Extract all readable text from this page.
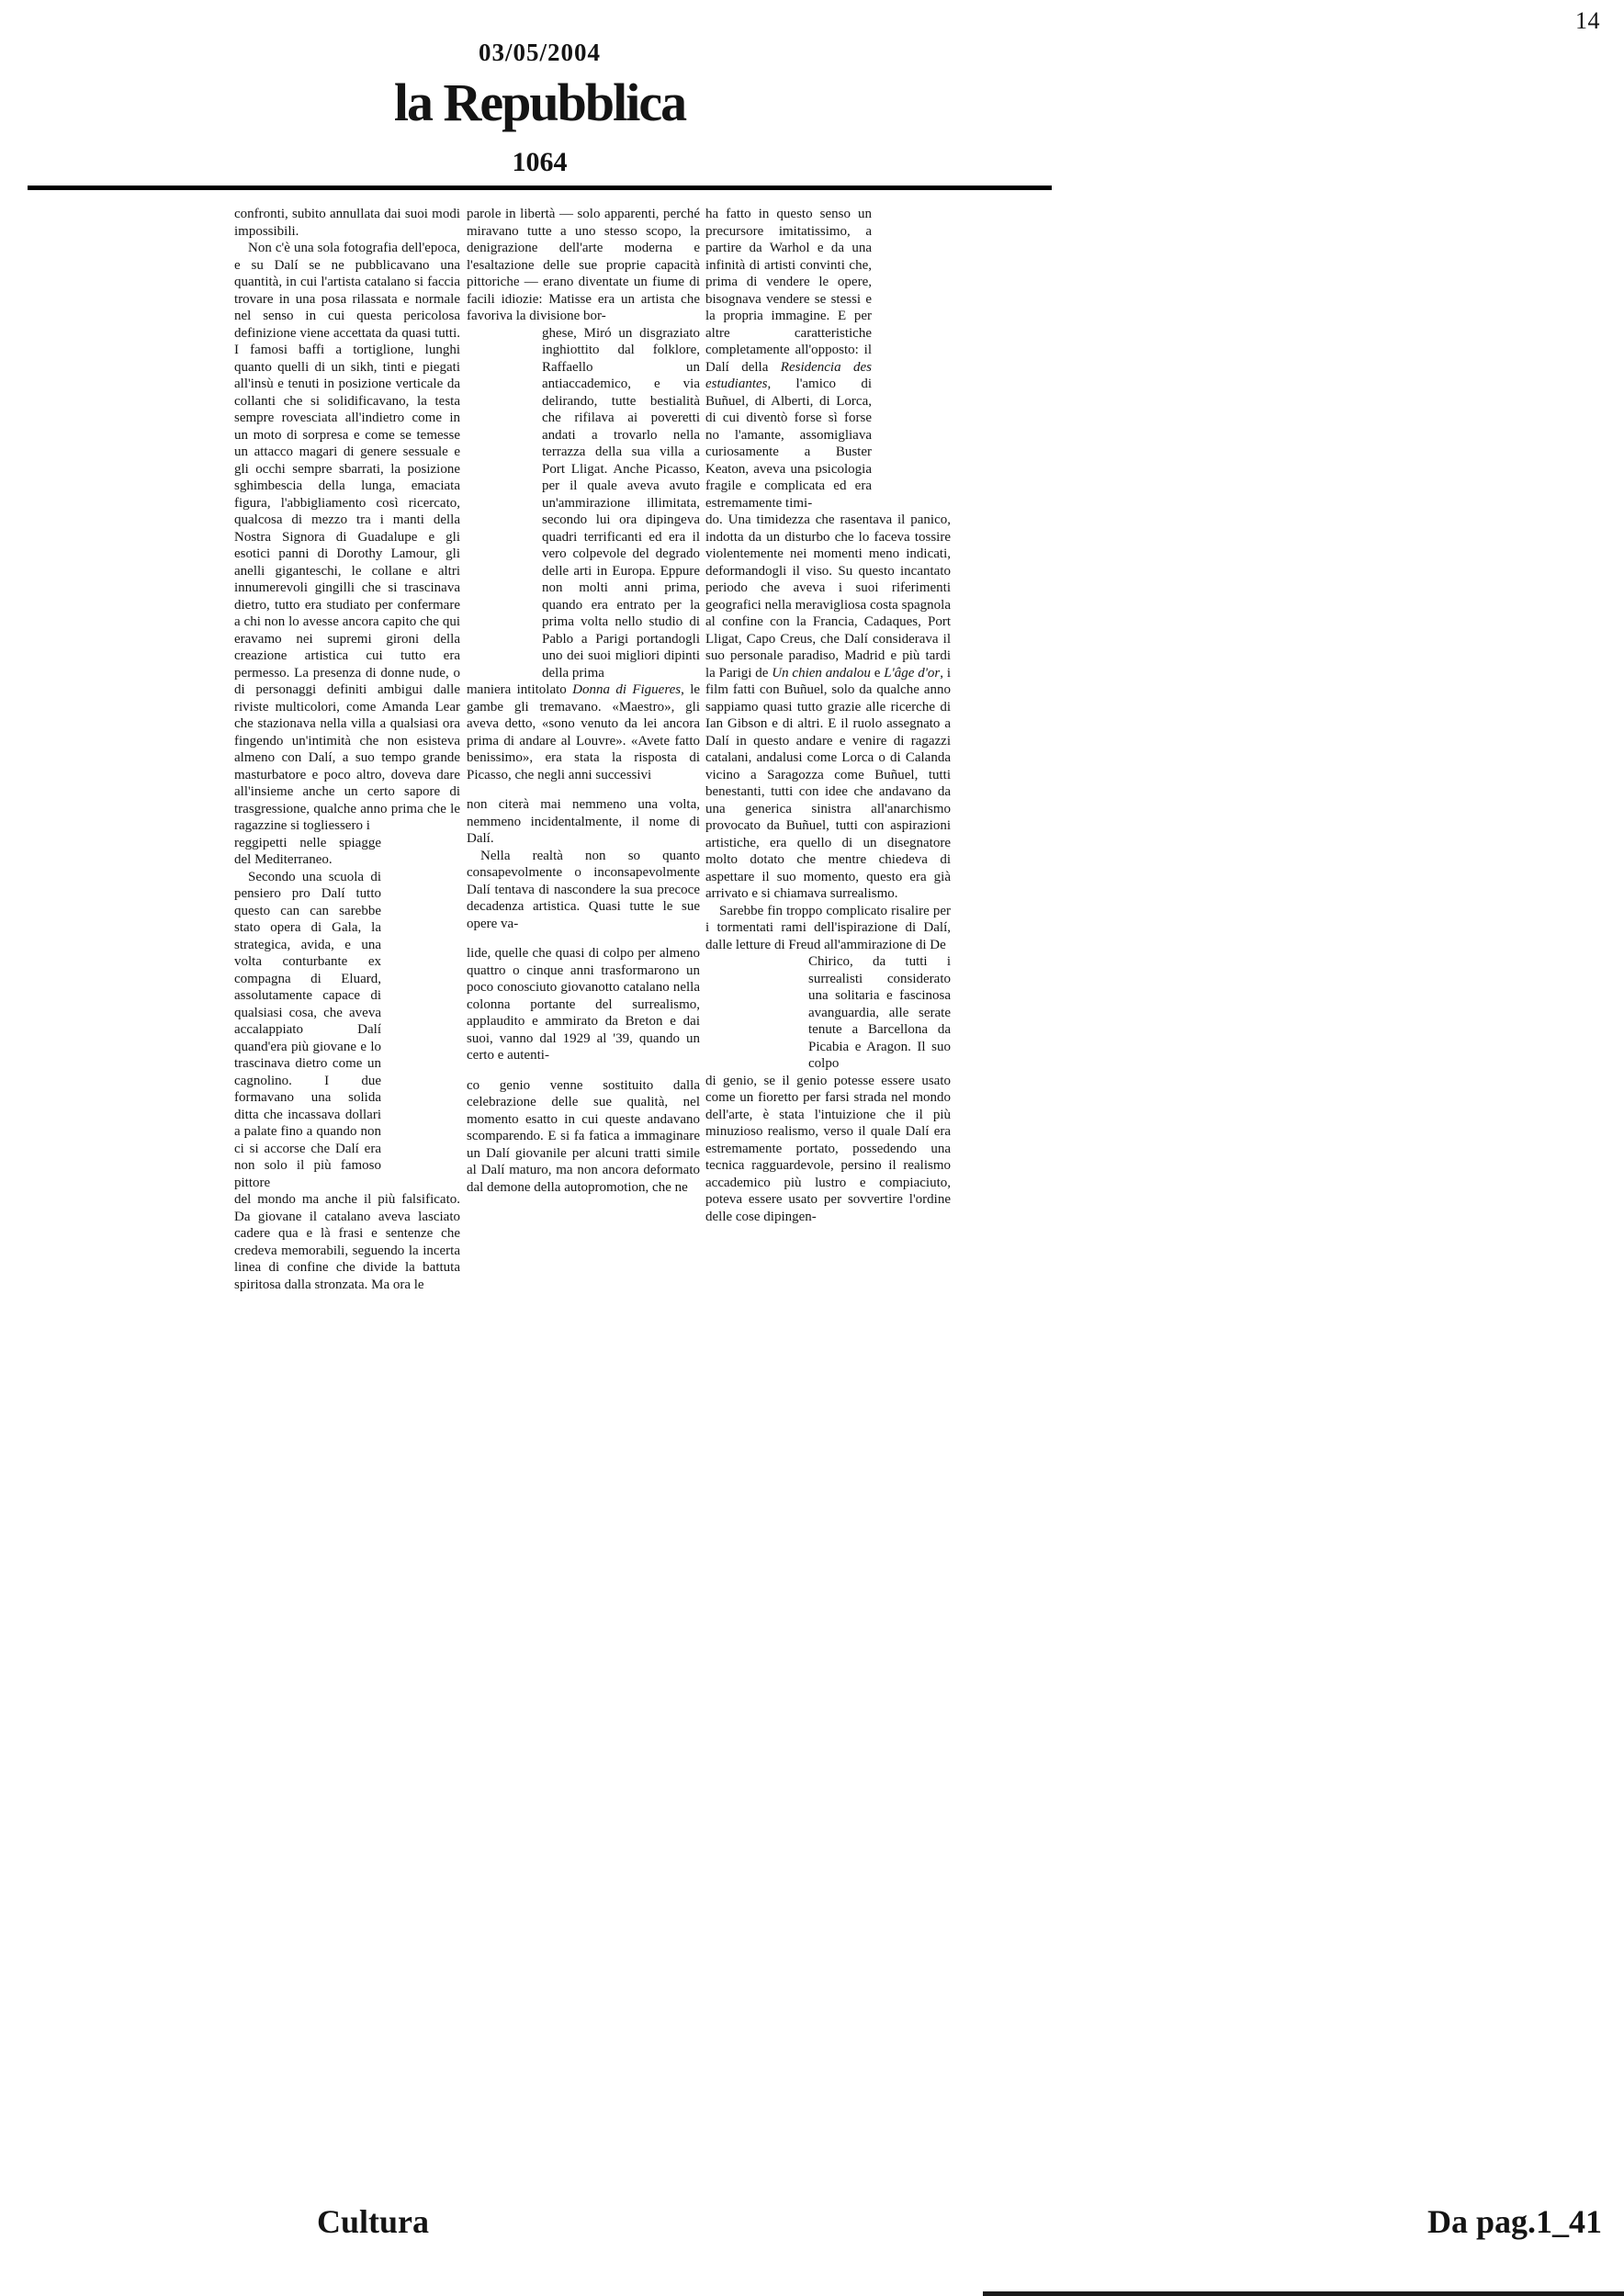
14
03/05/2004
la Repubblica
1064

confronti, subito annullata dai suoi modi impossibili.

Non c'è una sola fotografia dell'epoca, e su Dalí se ne pubblicavano una quantità, in cui l'artista catalano si faccia trovare in una posa rilassata e normale nel senso in cui questa pericolosa definizione viene accettata da quasi tutti. I famosi baffi a tortiglione, lunghi quanto quelli di un sikh, tinti e piegati all'insù e tenuti in posizione verticale da collanti che si solidificavano, la testa sempre rovesciata all'indietro come in un moto di sorpresa e come se temesse un attacco magari di genere sessuale e gli occhi sempre sbarrati, la posizione sghimbescia della lunga, emaciata figura, l'abbigliamento così ricercato, qualcosa di mezzo tra i manti della Nostra Signora di Guadalupe e gli esotici panni di Dorothy Lamour, gli anelli giganteschi, le collane e altri innumerevoli gingilli che si trascinava dietro, tutto era studiato per confermare a chi non lo avesse ancora capito che qui eravamo nei supremi gironi della creazione artistica cui tutto era permesso. La presenza di donne nude, o di personaggi definiti ambigui dalle riviste multicolori, come Amanda Lear che stazionava nella villa a qualsiasi ora fingendo un'intimità che non esisteva almeno con Dalí, a suo tempo grande masturbatore e poco altro, doveva dare all'insieme anche un certo sapore di trasgressione, qualche anno prima che le ragazzine si togliessero i

reggipetti nelle spiagge del Mediterraneo.

Secondo una scuola di pensiero pro Dalí tutto questo can can sarebbe stato opera di Gala, la strategica, avida, e una volta conturbante ex compagna di Eluard, assolutamente capace di qualsiasi cosa, che aveva accalappiato Dalí quand'era più giovane e lo trascinava dietro come un cagnolino. I due formavano una solida ditta che incassava dollari a palate fino a quando non ci si accorse che Dalí era non solo il più famoso pittore

del mondo ma anche il più falsificato. Da giovane il catalano aveva lasciato cadere qua e là frasi e sentenze che credeva memorabili, seguendo la incerta linea di confine che divide la battuta spiritosa dalla stronzata. Ma ora le

parole in libertà — solo apparenti, perché miravano tutte a uno stesso scopo, la denigrazione dell'arte moderna e l'esaltazione delle sue proprie capacità pittoriche — erano diventate un fiume di facili idiozie: Matisse era un artista che favoriva la divisione bor-

ghese, Miró un disgraziato inghiottito dal folklore, Raffaello un antiaccademico, e via delirando, tutte bestialità che rifilava ai poveretti andati a trovarlo nella terrazza della sua villa a Port Lligat. Anche Picasso, per il quale aveva avuto un'ammirazione illimitata, secondo lui ora dipingeva quadri terrificanti ed era il vero colpevole del degrado delle arti in Europa. Eppure non molti anni prima, quando era entrato per la prima volta nello studio di Pablo a Parigi portandogli uno dei suoi migliori dipinti della prima

maniera intitolato Donna di Figueres, le gambe gli tremavano. «Maestro», gli aveva detto, «sono venuto da lei ancora prima di andare al Louvre». «Avete fatto benissimo», era stata la risposta di Picasso, che negli anni successivi

non citerà mai nemmeno una volta, nemmeno incidentalmente, il nome di Dalí.

Nella realtà non so quanto consapevolmente o inconsapevolmente Dalí tentava di nascondere la sua precoce decadenza artistica. Quasi tutte le sue opere va-

lide, quelle che quasi di colpo per almeno quattro o cinque anni trasformarono un poco conosciuto giovanotto catalano nella colonna portante del surrealismo, applaudito e ammirato da Breton e dai suoi, vanno dal 1929 al '39, quando un certo e autenti-

co genio venne sostituito dalla celebrazione delle sue qualità, nel momento esatto in cui queste andavano scomparendo. E si fa fatica a immaginare un Dalí giovanile per alcuni tratti simile al Dalí maturo, ma non ancora deformato dal demone della autopromotion, che ne

ha fatto in questo senso un precursore imitatissimo, a partire da Warhol e da una infinità di artisti convinti che, prima di vendere le opere, bisognava vendere se stessi e la propria immagine. E per altre caratteristiche completamente all'opposto: il Dalí della Residencia des estudiantes, l'amico di Buñuel, di Alberti, di Lorca, di cui diventò forse sì forse no l'amante, assomigliava curiosamente a Buster Keaton, aveva una psicologia fragile e complicata ed era estremamente timi-

do. Una timidezza che rasentava il panico, indotta da un disturbo che lo faceva tossire violentemente nei momenti meno indicati, deformandogli il viso. Su questo incantato periodo che aveva i suoi riferimenti geografici nella meravigliosa costa spagnola al confine con la Francia, Cadaques, Port Lligat, Capo Creus, che Dalí considerava il suo personale paradiso, Madrid e più tardi la Parigi de Un chien andalou e L'âge d'or, i film fatti con Buñuel, solo da qualche anno sappiamo quasi tutto grazie alle ricerche di Ian Gibson e di altri. E il ruolo assegnato a Dalí in questo andare e venire di ragazzi catalani, andalusi come Lorca o di Calanda vicino a Saragozza come Buñuel, tutti benestanti, tutti con idee che andavano da una generica sinistra all'anarchismo provocato da Buñuel, tutti con aspirazioni artistiche, era quello di un disegnatore molto dotato che mentre chiedeva di aspettare il suo momento, questo era già arrivato e si chiamava surrealismo.

Sarebbe fin troppo complicato risalire per i tormentati rami dell'ispirazione di Dalí, dalle letture di Freud all'ammirazione di De

Chirico, da tutti i surrealisti considerato una solitaria e fascinosa avanguardia, alle serate tenute a Barcellona da Picabia e Aragon. Il suo colpo

di genio, se il genio potesse essere usato come un fioretto per farsi strada nel mondo dell'arte, è stata l'intuizione che il più minuzioso realismo, verso il quale Dalí era estremamente portato, possedendo una tecnica ragguardevole, persino il realismo accademico più lustro e compiaciuto, poteva essere usato per sovvertire l'ordine delle cose dipingen-

Cultura	Da pag.1_41
